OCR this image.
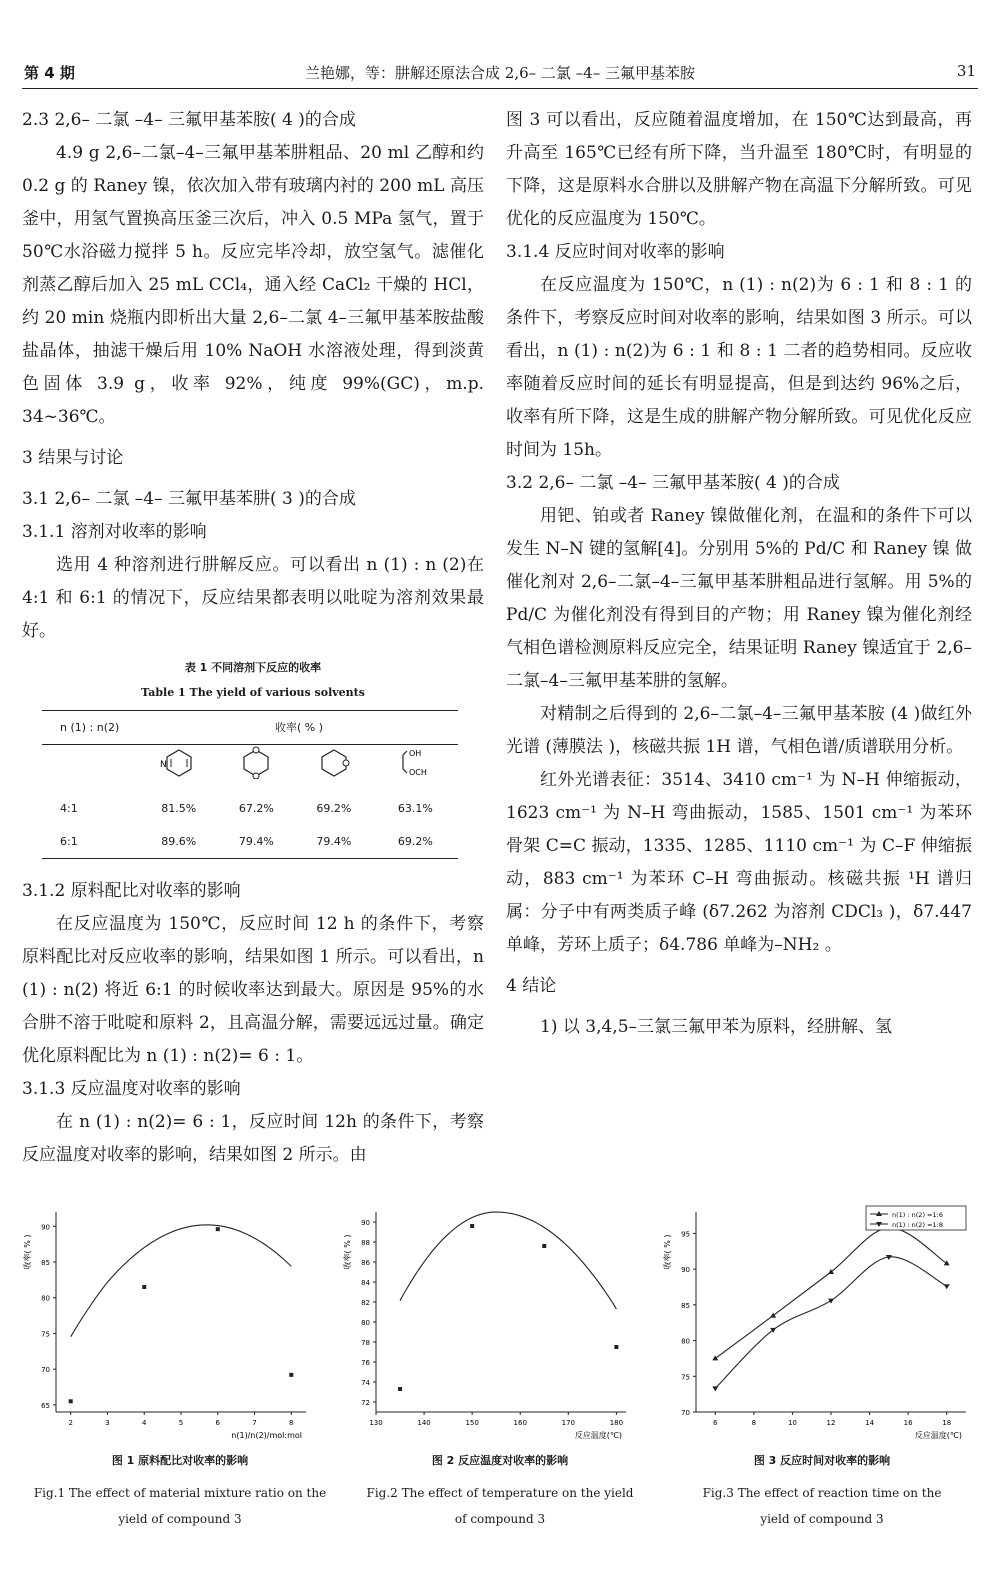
第 4 期	兰艳娜，等：肼解还原法合成 2,6– 二氯 –4– 三氟甲基苯胺	31

2.3 2,6– 二氯 –4– 三氟甲基苯胺( 4 )的合成

4.9 g 2,6–二氯–4–三氟甲基苯肼粗品、20 ml 乙醇和约 0.2 g 的 Raney 镍，依次加入带有玻璃内衬的 200 mL 高压釜中，用氢气置换高压釜三次后，冲入 0.5 MPa 氢气，置于 50℃水浴磁力搅拌 5 h。反应完毕冷却，放空氢气。滤催化剂蒸乙醇后加入 25 mL CCl₄，通入经 CaCl₂ 干燥的 HCl，约 20 min 烧瓶内即析出大量 2,6–二氯 4–三氟甲基苯胺盐酸盐晶体，抽滤干燥后用 10% NaOH 水溶液处理，得到淡黄色固体 3.9 g，收率 92%，纯度 99%(GC)，m.p. 34~36℃。

3 结果与讨论

3.1 2,6– 二氯 –4– 三氟甲基苯肼( 3 )的合成

3.1.1 溶剂对收率的影响

选用 4 种溶剂进行肼解反应。可以看出 n (1) : n (2)在 4:1 和 6:1 的情况下，反应结果都表明以吡啶为溶剂效果最好。

表 1 不同溶剂下反应的收率
Table 1 The yield of various solvents
n (1) : n(2)	收率( % )			

N			OH
OCH

4:1	81.5%	67.2%	69.2%	63.1%
6:1	89.6%	79.4%	79.4%	69.2%

3.1.2 原料配比对收率的影响

在反应温度为 150℃，反应时间 12 h 的条件下，考察原料配比对反应收率的影响，结果如图 1 所示。可以看出，n (1) : n(2) 将近 6:1 的时候收率达到最大。原因是 95%的水合肼不溶于吡啶和原料 2，且高温分解，需要远远过量。确定优化原料配比为 n (1) : n(2)= 6 : 1。

3.1.3 反应温度对收率的影响

在 n (1) : n(2)= 6 : 1，反应时间 12h 的条件下，考察反应温度对收率的影响，结果如图 2 所示。由

图 3 可以看出，反应随着温度增加，在 150℃达到最高，再升高至 165℃已经有所下降，当升温至 180℃时，有明显的下降，这是原料水合肼以及肼解产物在高温下分解所致。可见优化的反应温度为 150℃。

3.1.4 反应时间对收率的影响

在反应温度为 150℃，n (1) : n(2)为 6 : 1 和 8 : 1 的条件下，考察反应时间对收率的影响，结果如图 3 所示。可以看出，n (1) : n(2)为 6 : 1 和 8 : 1 二者的趋势相同。反应收率随着反应时间的延长有明显提高，但是到达约 96%之后，收率有所下降，这是生成的肼解产物分解所致。可见优化反应时间为 15h。

3.2 2,6– 二氯 –4– 三氟甲基苯胺( 4 )的合成

用钯、铂或者 Raney 镍做催化剂，在温和的条件下可以发生 N–N 键的氢解[4]。分别用 5%的 Pd/C 和 Raney 镍 做催化剂对 2,6–二氯–4–三氟甲基苯肼粗品进行氢解。用 5%的 Pd/C 为催化剂没有得到目的产物；用 Raney 镍为催化剂经气相色谱检测原料反应完全，结果证明 Raney 镍适宜于 2,6–二氯–4–三氟甲基苯肼的氢解。

对精制之后得到的 2,6–二氯–4–三氟甲基苯胺 (4 )做红外光谱 (薄膜法 )，核磁共振 1H 谱，气相色谱/质谱联用分析。

红外光谱表征：3514、3410 cm⁻¹ 为 N–H 伸缩振动，1623 cm⁻¹ 为 N–H 弯曲振动，1585、1501 cm⁻¹ 为苯环骨架 C=C 振动，1335、1285、1110 cm⁻¹ 为 C–F 伸缩振动，883 cm⁻¹ 为苯环 C–H 弯曲振动。核磁共振 ¹H 谱归属：分子中有两类质子峰 (δ7.262 为溶剂 CDCl₃ )，δ7.447 单峰，芳环上质子；δ4.786 单峰为–NH₂ 。

4 结论

1) 以 3,4,5–三氯三氟甲苯为原料，经肼解、氢

65
70
75
80
85
90
2	3	4	5	6	7	8
n(1)/n(2)/mol:mol
收率( % )
72
74
76
78
80
82
84
86
88
90
130	140	150	160	170	180
反应温度(℃)
收率( % )
70
75
80
85
90
95
6	8	10	12	14	16	18
反应温度(℃)
收率( % )
n(1) : n(2) =1:6
n(1) : n(2) =1:8
图 1 原料配比对收率的影响
Fig.1 The effect of material mixture ratio on the
yield of compound 3
图 2 反应温度对收率的影响
Fig.2 The effect of temperature on the yield
of compound 3
图 3 反应时间对收率的影响
Fig.3 The effect of reaction time on the
yield of compound 3
